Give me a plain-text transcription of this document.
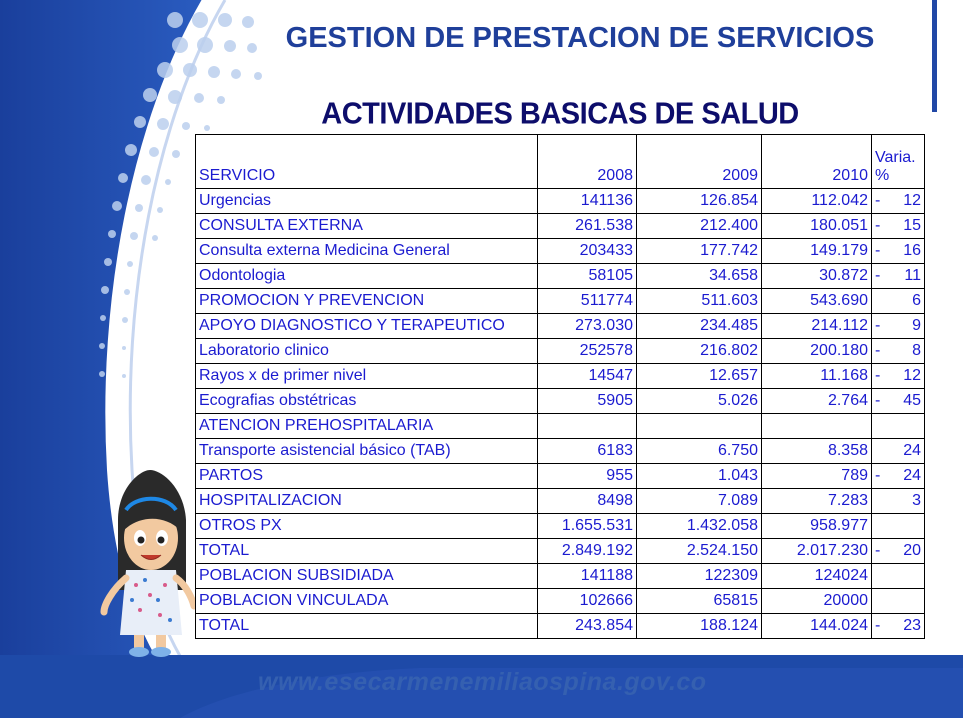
GESTION DE PRESTACION DE SERVICIOS
ACTIVIDADES BASICAS DE SALUD
SERVICIO	2008	2009	2010	Varia.
%

Urgencias	141136	126.854	112.042	- 12

CONSULTA EXTERNA	261.538	212.400	180.051	- 15

Consulta externa Medicina General	203433	177.742	149.179	- 16

Odontologia	58105	34.658	30.872	- 11

PROMOCION Y PREVENCION	511774	511.603	543.690	6

APOYO DIAGNOSTICO Y TERAPEUTICO	273.030	234.485	214.112	- 9

Laboratorio clinico	252578	216.802	200.180	- 8

Rayos x de primer nivel	14547	12.657	11.168	- 12

Ecografias obstétricas	5905	5.026	2.764	- 45

ATENCION PREHOSPITALARIA				

Transporte asistencial básico (TAB)	6183	6.750	8.358	24

PARTOS	955	1.043	789	- 24

HOSPITALIZACION	8498	7.089	7.283	3

OTROS PX	1.655.531	1.432.058	958.977	

TOTAL	2.849.192	2.524.150	2.017.230	- 20

POBLACION SUBSIDIADA	141188	122309	124024	

POBLACION VINCULADA	102666	65815	20000	

TOTAL	243.854	188.124	144.024	- 23
www.esecarmenemiliaospina.gov.co
